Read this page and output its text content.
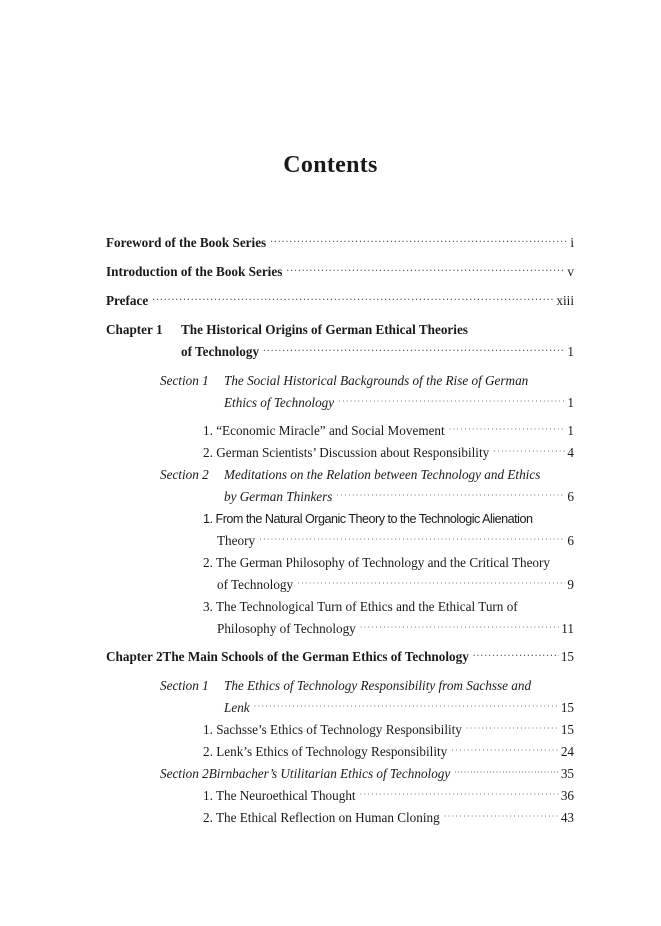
Contents
Foreword of the Book Series ·····	i
Introduction of the Book Series ·····	v
Preface ·····	xiii
Chapter 1	The Historical Origins of German Ethical Theories
of Technology ·····	1
Section 1	The Social Historical Backgrounds of the Rise of German
Ethics of Technology ·····	1
1. “Economic Miracle” and Social Movement ·····	1
2. German Scientists’ Discussion about Responsibility ·····	4
Section 2	Meditations on the Relation between Technology and Ethics
by German Thinkers ·····	6
1. From the Natural Organic Theory to the Technologic Alienation
Theory ·····	6
2. The German Philosophy of Technology and the Critical Theory
of Technology ·····	9
3. The Technological Turn of Ethics and the Ethical Turn of
Philosophy of Technology ·····	11
Chapter 2 The Main Schools of the German Ethics of Technology ·····	15
Section 1	The Ethics of Technology Responsibility from Sachsse and
Lenk ·····	15
1. Sachsse’s Ethics of Technology Responsibility ·····	15
2. Lenk’s Ethics of Technology Responsibility ·····	24
Section 2 Birnbacher’s Utilitarian Ethics of Technology ·····	35
1. The Neuroethical Thought ·····	36
2. The Ethical Reflection on Human Cloning ·····	43
